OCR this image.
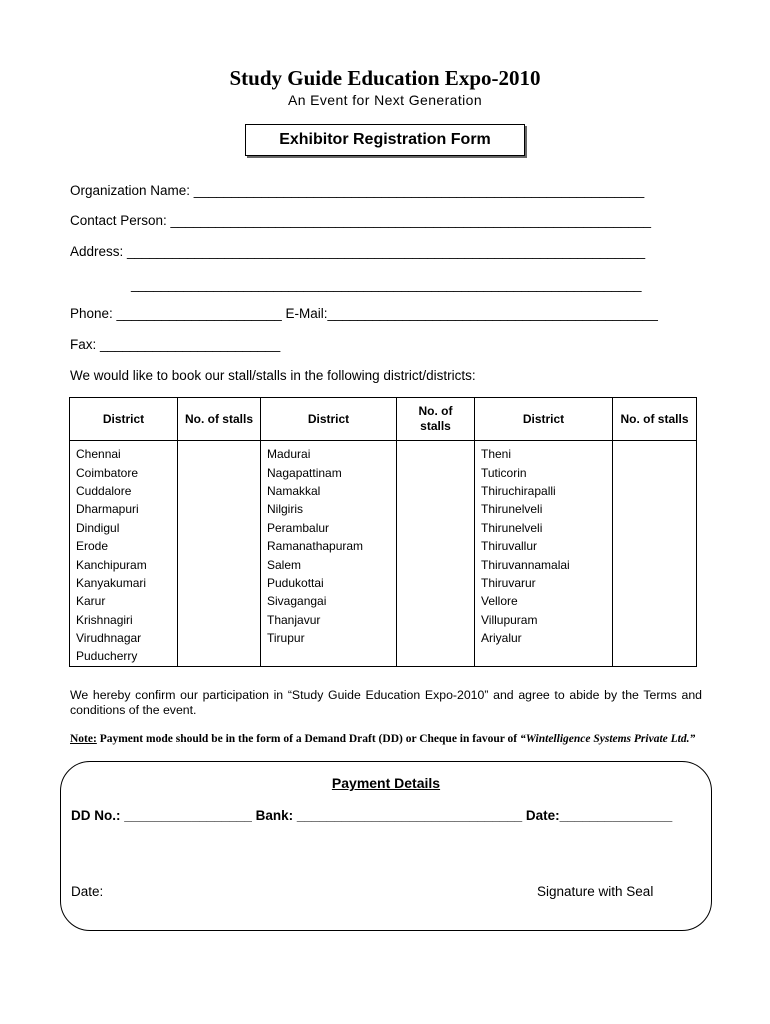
Study Guide Education Expo-2010
An Event for Next Generation
Exhibitor Registration Form
Organization Name: ____________________________________________________________
Contact Person: ________________________________________________________________
Address: _____________________________________________________________________
____________________________________________________________________
Phone: ______________________ E-Mail:____________________________________________
Fax: ________________________
We would like to book our stall/stalls in the following district/districts:
District	No. of stalls	District	No. of stalls	District	No. of stalls
Chennai		Madurai		Theni	
Coimbatore		Nagapattinam		Tuticorin	
Cuddalore		Namakkal		Thiruchirapalli	
Dharmapuri		Nilgiris		Thirunelveli	
Dindigul		Perambalur		Thirunelveli	
Erode		Ramanathapuram		Thiruvallur	
Kanchipuram		Salem		Thiruvannamalai	
Kanyakumari		Pudukottai		Thiruvarur	
Karur		Sivagangai		Vellore	
Krishnagiri		Thanjavur		Villupuram	
Virudhnagar		Tirupur		Ariyalur	
Puducherry					
We hereby confirm our participation in “Study Guide Education Expo-2010” and agree to abide by the Terms and conditions of the event.
Note: Payment mode should be in the form of a Demand Draft (DD) or Cheque in favour of “Wintelligence Systems Private Ltd.”
Payment Details
DD No.: _________________ Bank: ______________________________ Date:_______________
Date:	Signature with Seal
